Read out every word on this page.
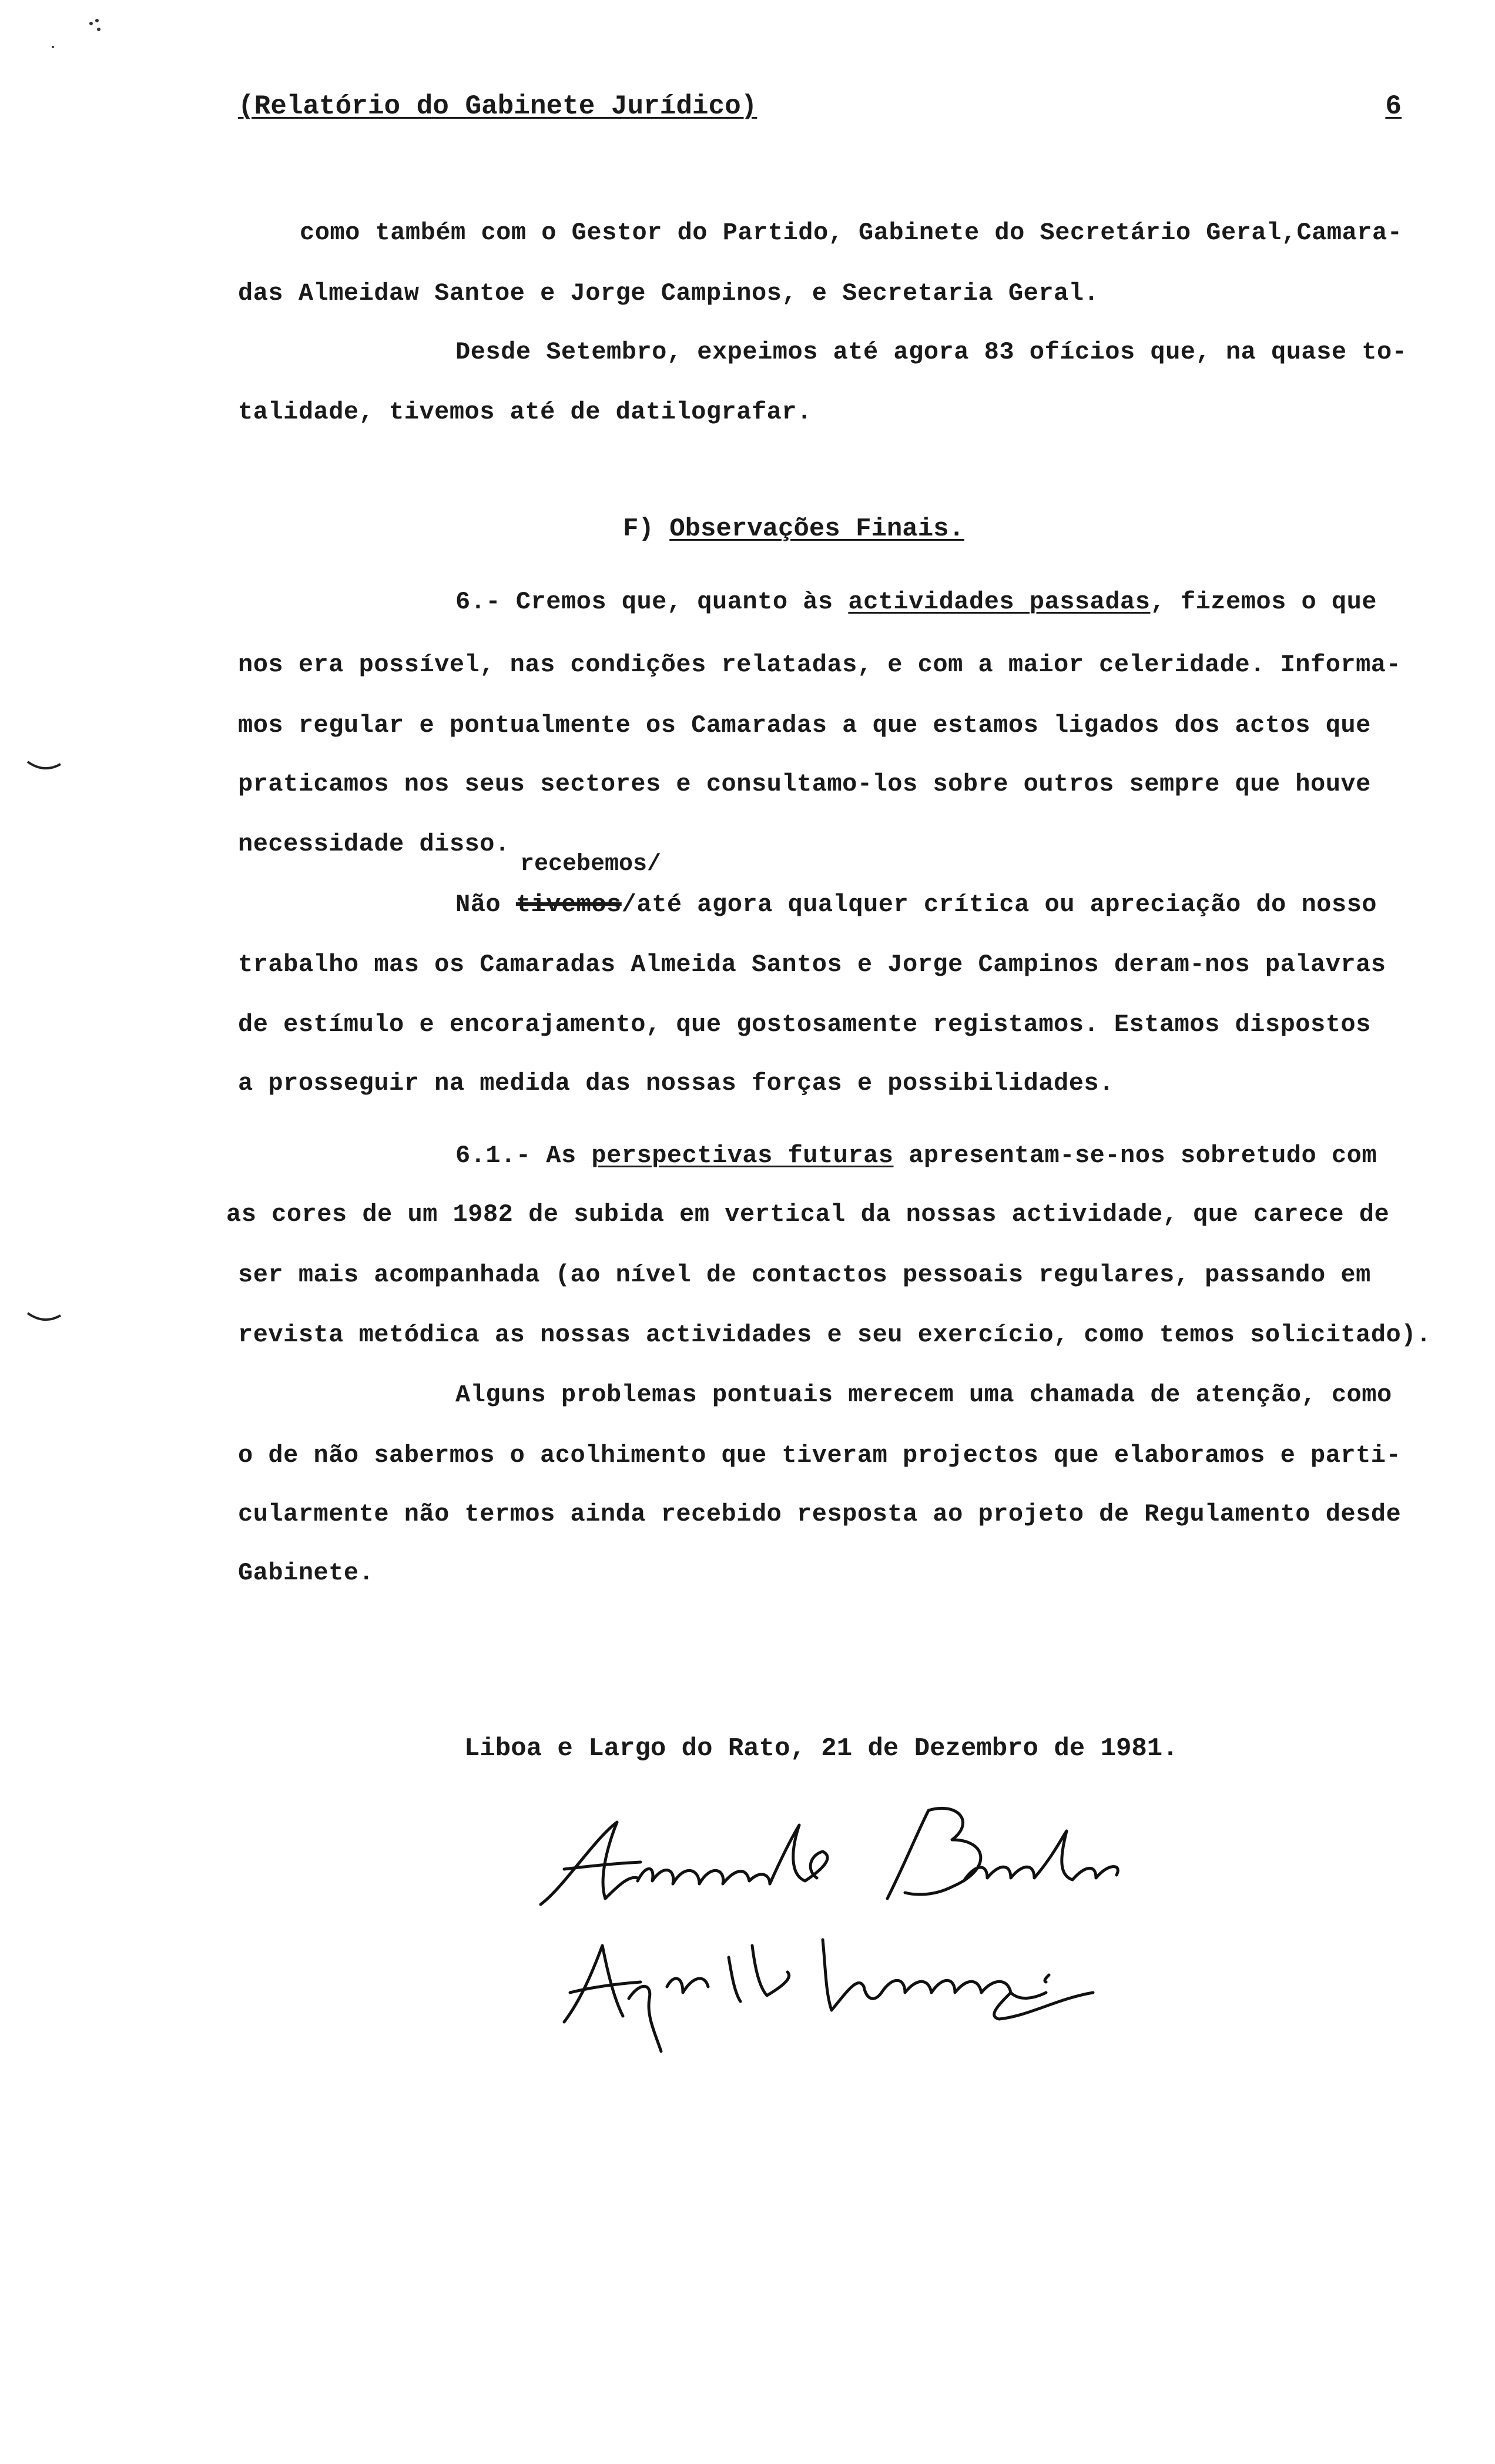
(Relatório do Gabinete Jurídico)	6
como também com o Gestor do Partido, Gabinete do Secretário Geral,Camara-
das Almeidaw Santoe e Jorge Campinos, e Secretaria Geral.
Desde Setembro, expeimos até agora 83 ofícios que, na quase to-
talidade, tivemos até de datilografar.
F) Observações Finais.
6.- Cremos que, quanto às actividades passadas, fizemos o que
nos era possível, nas condições relatadas, e com a maior celeridade. Informa-
mos regular e pontualmente os Camaradas a que estamos ligados dos actos que
praticamos nos seus sectores e consultamo-los sobre outros sempre que houve
necessidade disso.
recebemos/
Não tivemos/até agora qualquer crítica ou apreciação do nosso
trabalho mas os Camaradas Almeida Santos e Jorge Campinos deram-nos palavras
de estímulo e encorajamento, que gostosamente registamos. Estamos dispostos
a prosseguir na medida das nossas forças e possibilidades.
6.1.- As perspectivas futuras apresentam-se-nos sobretudo com
as cores de um 1982 de subida em vertical da nossas actividade, que carece de
ser mais acompanhada (ao nível de contactos pessoais regulares, passando em
revista metódica as nossas actividades e seu exercício, como temos solicitado).
Alguns problemas pontuais merecem uma chamada de atenção, como
o de não sabermos o acolhimento que tiveram projectos que elaboramos e parti-
cularmente não termos ainda recebido resposta ao projeto de Regulamento desde
Gabinete.
Liboa e Largo do Rato, 21 de Dezembro de 1981.
